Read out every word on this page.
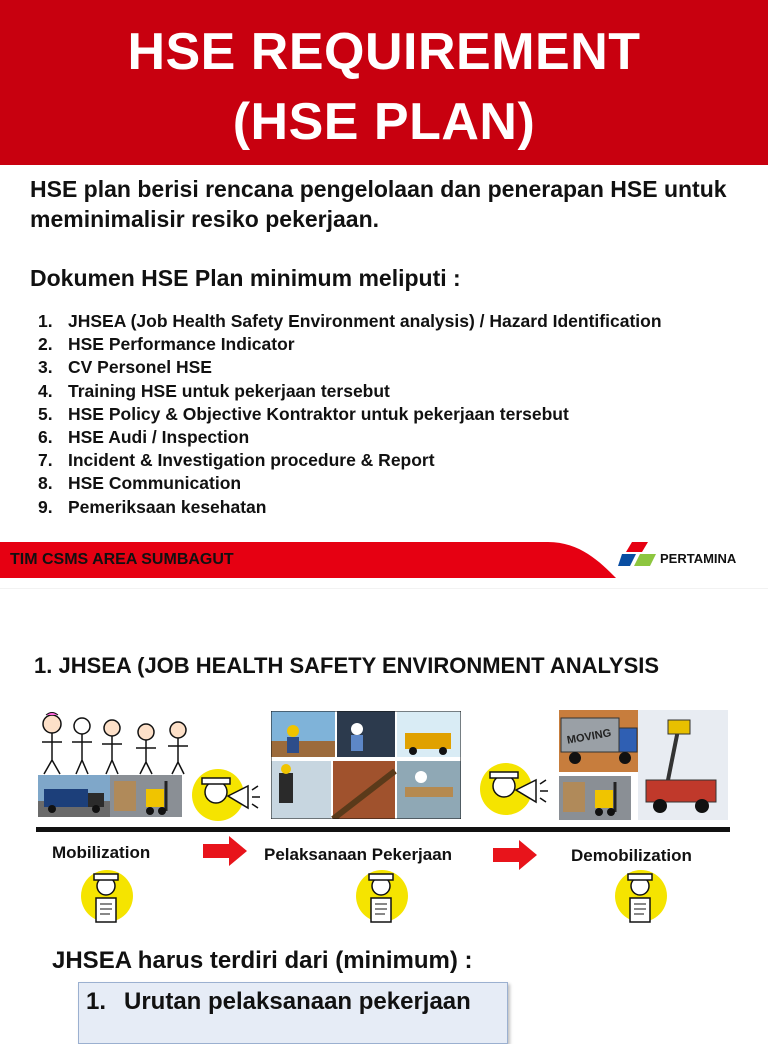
HSE REQUIREMENT
(HSE PLAN)
HSE plan berisi rencana pengelolaan dan penerapan HSE untuk meminimalisir resiko pekerjaan.
Dokumen HSE Plan minimum meliputi :
1. JHSEA (Job Health Safety Environment analysis) / Hazard Identification
2. HSE Performance Indicator
3. CV Personel HSE
4. Training HSE untuk pekerjaan tersebut
5. HSE Policy & Objective Kontraktor untuk pekerjaan tersebut
6. HSE Audi / Inspection
7. Incident & Investigation procedure & Report
8. HSE Communication
9. Pemeriksaan kesehatan
TIM CSMS AREA SUMBAGUT	PERTAMINA
1. JHSEA (JOB HEALTH SAFETY ENVIRONMENT ANALYSIS
MOVING
Mobilization	Pelaksanaan Pekerjaan	Demobilization
JHSEA harus terdiri dari (minimum) :
1. Urutan pelaksanaan pekerjaan
